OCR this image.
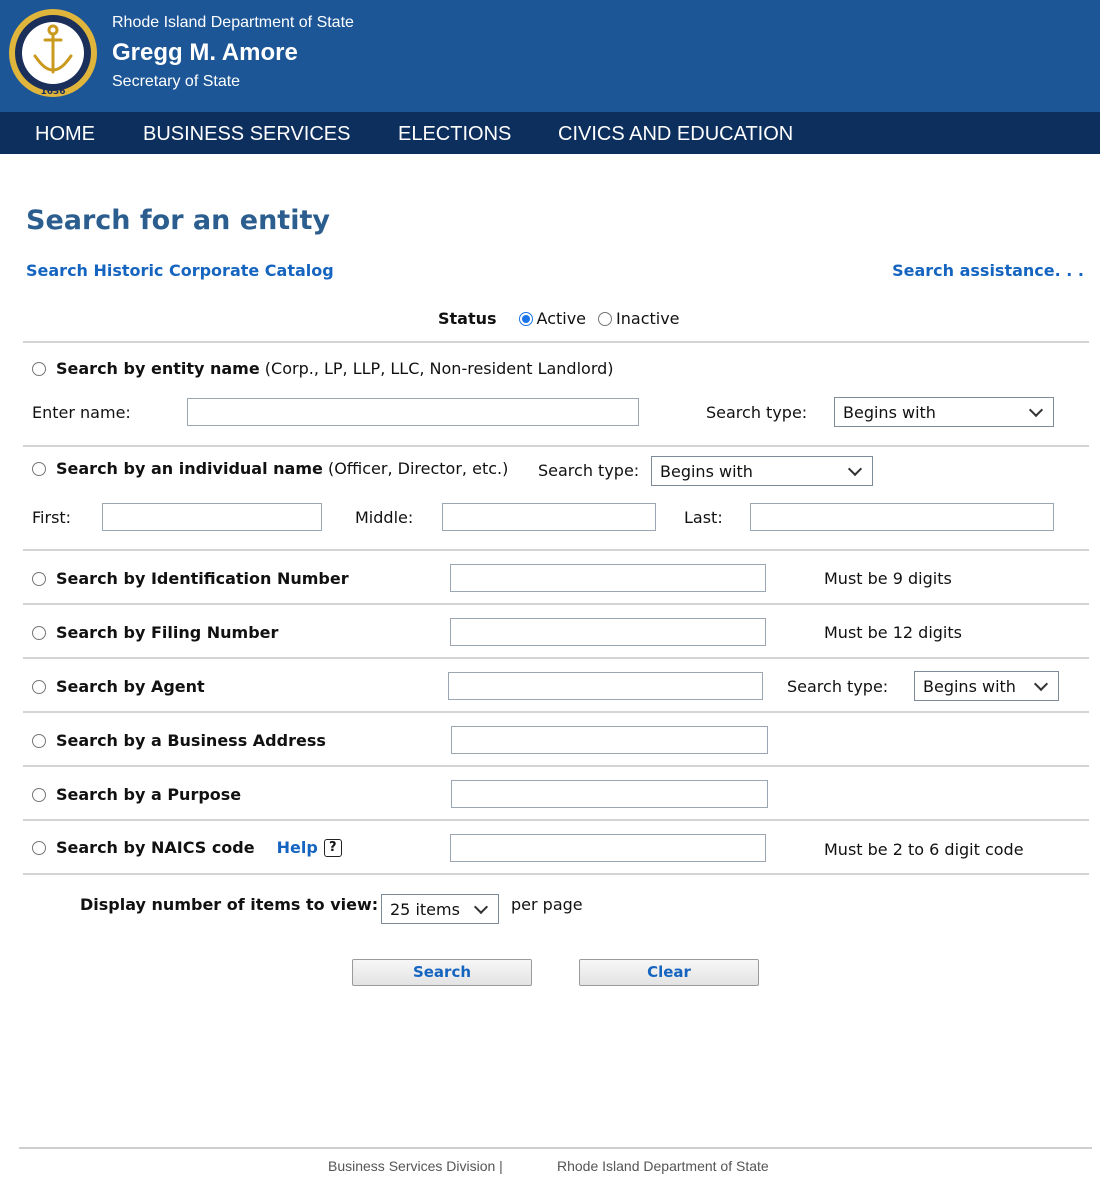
1636
Rhode Island Department of State
Gregg M. Amore
Secretary of State
HOME BUSINESS SERVICES ELECTIONS CIVICS AND EDUCATION
Search for an entity
Search Historic Corporate Catalog	Search assistance. . .
Status	Active Inactive
Search by entity name
(Corp., LP, LLP, LLC, Non-resident Landlord)
Enter name:	Search type: Begins with
Search by an individual name
(Officer, Director, etc.) Search type: Begins with
First:	Middle:	Last:
Search by Identification Number	Must be 9 digits
Search by Filing Number	Must be 12 digits
Search by Agent	Search type: Begins with
Search by a Business Address
Search by a Purpose
Search by NAICS code Help ?	Must be 2 to 6 digit code
Display number of items to view: 25 items	per page
Search	Clear
Business Services Division |	Rhode Island Department of State
